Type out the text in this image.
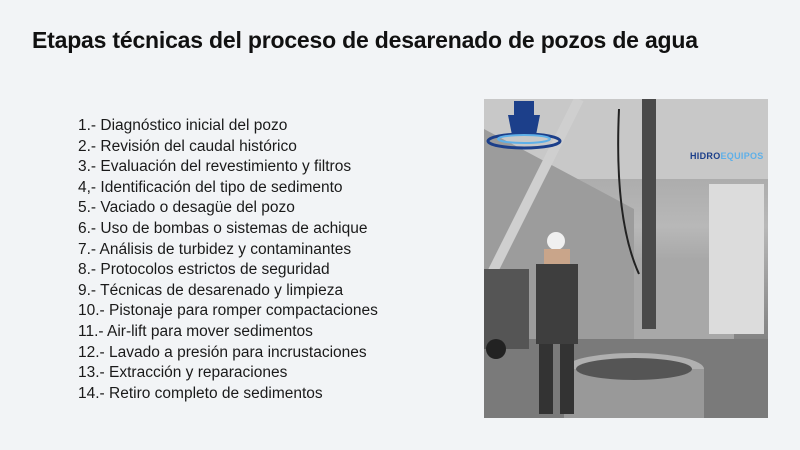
Etapas técnicas del proceso de desarenado de pozos de agua
1.- Diagnóstico inicial del pozo
2.- Revisión del caudal histórico
3.- Evaluación del revestimiento y filtros
4,- Identificación del tipo de sedimento
5.- Vaciado o desagüe del pozo
6.- Uso de bombas o sistemas de achique
7.- Análisis de turbidez y contaminantes
8.- Protocolos estrictos de seguridad
9.- Técnicas de desarenado y limpieza
10.- Pistonaje para romper compactaciones
11.- Air-lift para mover sedimentos
12.- Lavado a presión para incrustaciones
13.- Extracción y reparaciones
14.- Retiro completo de sedimentos
HIDROEQUIPOS
